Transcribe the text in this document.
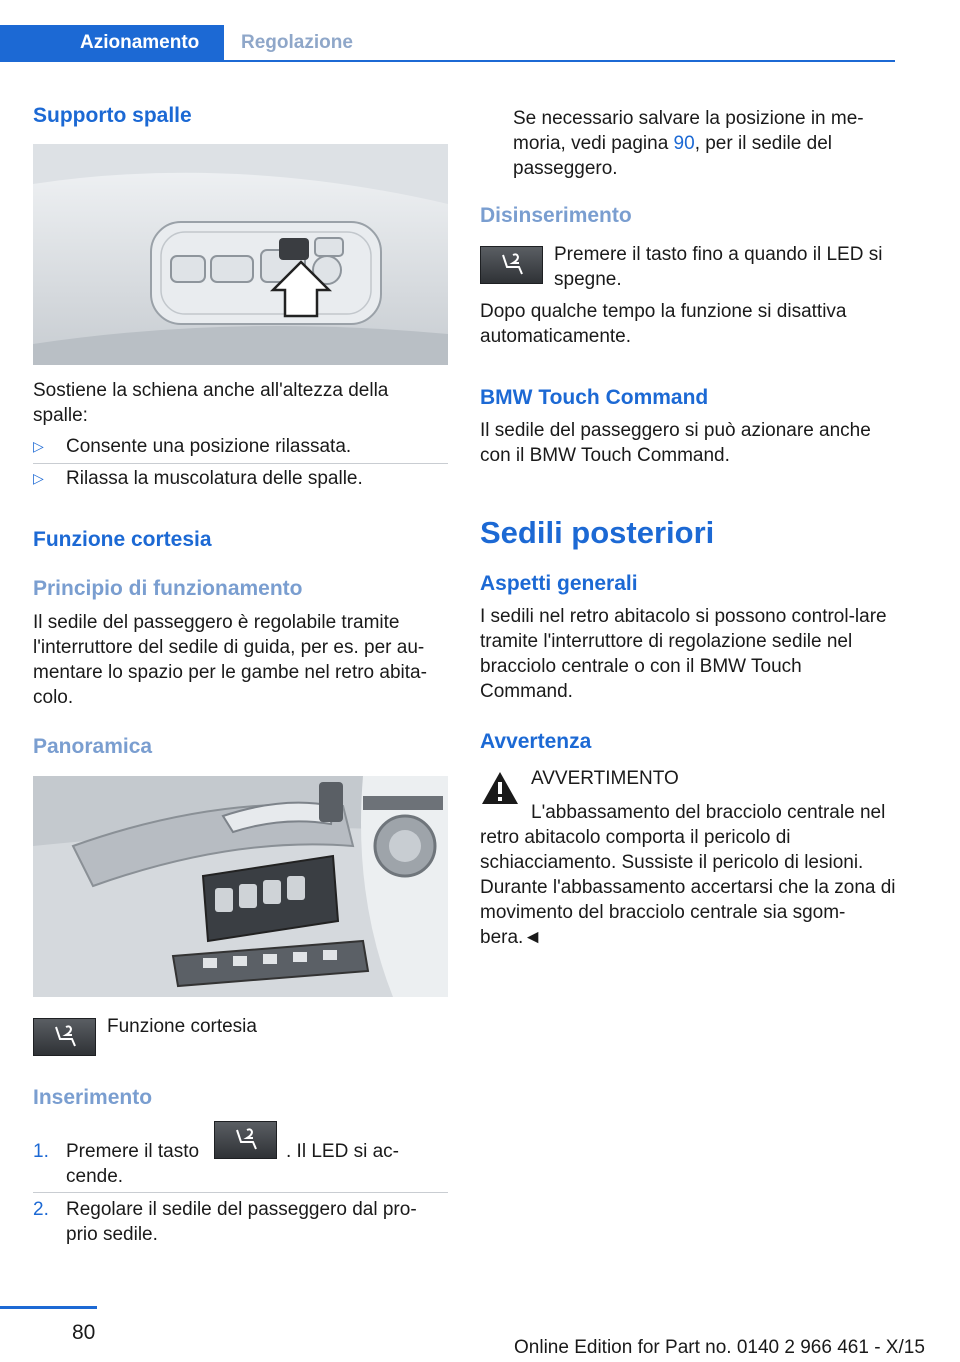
Azionamento	Regolazione
Supporto spalle
Sostiene la schiena anche all'altezza della spalle:
▷ Consente una posizione rilassata.
▷ Rilassa la muscolatura delle spalle.
Funzione cortesia
Principio di funzionamento
Il sedile del passeggero è regolabile tramite l'interruttore del sedile di guida, per es. per au-mentare lo spazio per le gambe nel retro abita-colo.
Panoramica
Funzione cortesia
Inserimento
1. Premere il tasto	. Il LED si ac-
cende.
2. Regolare il sedile del passeggero dal pro-
prio sedile.
Se necessario salvare la posizione in me-
moria, vedi pagina 90, per il sedile del
passeggero.
Disinserimento
Premere il tasto fino a quando il LED si spegne.
Dopo qualche tempo la funzione si disattiva automaticamente.
BMW Touch Command
Il sedile del passeggero si può azionare anche con il BMW Touch Command.
Sedili posteriori
Aspetti generali
I sedili nel retro abitacolo si possono control-lare tramite l'interruttore di regolazione sedile nel bracciolo centrale o con il BMW Touch Command.
Avvertenza
AVVERTIMENTO
L'abbassamento del bracciolo centrale nel retro abitacolo comporta il pericolo di schiacciamento. Sussiste il pericolo di lesioni. Durante l'abbassamento accertarsi che la zona di movimento del bracciolo centrale sia sgom-bera.◄
80
Online Edition for Part no. 0140 2 966 461 - X/15
